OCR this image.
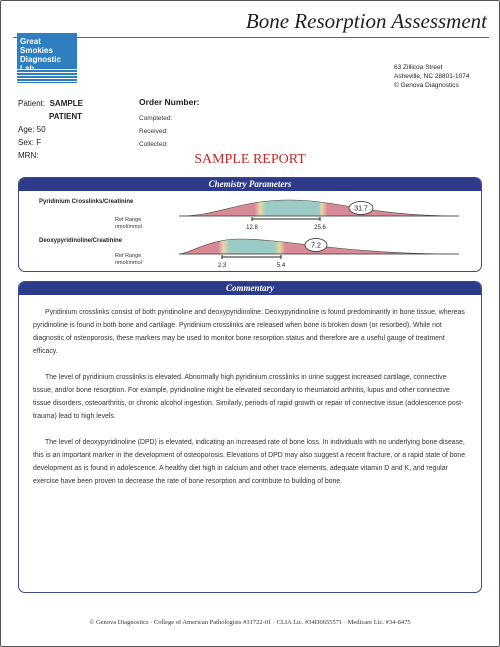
Bone Resorption Assessment
Great
Smokies
Diagnostic
63 Zillicoa Street
Asheville, NC 28801-1074
© Genova Diagnostics
Patient: SAMPLE
PATIENT
Age: 50
Sex: F
MRN:
Order Number:
Completed:
Received:
Collected:
SAMPLE REPORT
Chemistry Parameters
Pyridinium Crosslinks/Creatinine
Ref Range
nmol/mmol	12.8	25.6
31.7
Deoxypyridinoline/Creatinine
Ref Range
nmol/mmol	2.3	5.4
7.2
Commentary

Pyridinium crosslinks consist of both pyridinoline and deoxypyridinoline. Deoxypyridinoline is found predominantly in bone tissue, whereas pyridinoline is found in both bone and cartilage. Pyridinium crosslinks are released when bone is broken down (or resorbed). While not diagnostic of osteoporosis, these markers may be used to monitor bone resorption status and therefore are a useful gauge of treatment efficacy.

The level of pyridinium crosslinks is elevated. Abnormally high pyridinium crosslinks in urine suggest increased cartilage, connective tissue, and/or bone resorption. For example, pyridinoline might be elevated secondary to rheumatoid arthritis, lupus and other connective tissue disorders, osteoarthritis, or chronic alcohol ingestion. Similarly, periods of rapid growth or repair of connective issue (adolescence post-trauma) lead to high levels.

The level of deoxypyridinoline (DPD) is elevated, indicating an increased rate of bone loss. In individuals with no underlying bone disease, this is an important marker in the development of osteoporosis. Elevations of DPD may also suggest a recent fracture, or a rapid state of bone development as is found in adolescence. A healthy diet high in calcium and other trace elements, adequate vitamin D and K, and regular exercise have been proven to decrease the rate of bone resorption and contribute to building of bone.

© Genova Diagnostics · College of American Pathologists #31722-01 · CLIA Lic. #34D0655571 · Medicare Lic. #34-8475
